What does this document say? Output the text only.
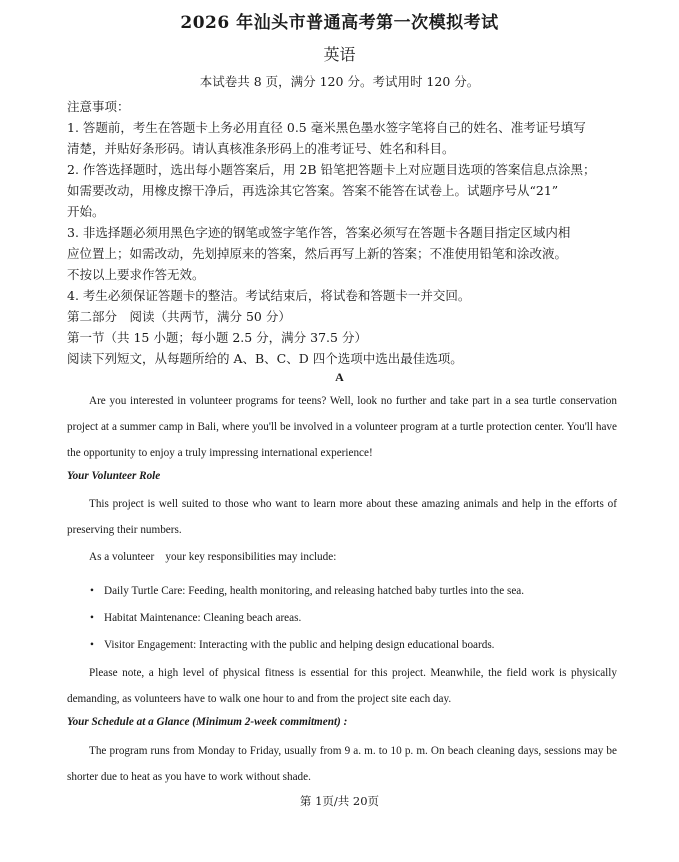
2026 年汕头市普通高考第一次模拟考试
英语
本试卷共 8 页，满分 120 分。考试用时 120 分。
注意事项：
1. 答题前，考生在答题卡上务必用直径 0.5 毫米黑色墨水签字笔将自己的姓名、准考证号填写
清楚，并贴好条形码。请认真核准条形码上的准考证号、姓名和科目。
2. 作答选择题时，选出每小题答案后，用 2B 铅笔把答题卡上对应题目选项的答案信息点涂黑；
如需要改动，用橡皮擦干净后，再选涂其它答案。答案不能答在试卷上。试题序号从“21”
开始。
3. 非选择题必须用黑色字迹的钢笔或签字笔作答，答案必须写在答题卡各题目指定区域内相
应位置上；如需改动，先划掉原来的答案，然后再写上新的答案；不准使用铅笔和涂改液。
不按以上要求作答无效。
4. 考生必须保证答题卡的整洁。考试结束后，将试卷和答题卡一并交回。
第二部分　阅读（共两节，满分 50 分）
第一节（共 15 小题；每小题 2.5 分，满分 37.5 分）
阅读下列短文，从每题所给的 A、B、C、D 四个选项中选出最佳选项。
A
Are you interested in volunteer programs for teens? Well, look no further and take part in a sea turtle conservation project at a summer camp in Bali, where you'll be involved in a volunteer program at a turtle protection center. You'll have the opportunity to enjoy a truly impressing international experience!
Your Volunteer Role
This project is well suited to those who want to learn more about these amazing animals and help in the efforts of preserving their numbers.
As a volunteer　your key responsibilities may include:
• Daily Turtle Care: Feeding, health monitoring, and releasing hatched baby turtles into the sea.
• Habitat Maintenance: Cleaning beach areas.
• Visitor Engagement: Interacting with the public and helping design educational boards.
Please note, a high level of physical fitness is essential for this project. Meanwhile, the field work is physically demanding, as volunteers have to walk one hour to and from the project site each day.
Your Schedule at a Glance (Minimum 2-week commitment) :
The program runs from Monday to Friday, usually from 9 a. m. to 10 p. m. On beach cleaning days, sessions may be shorter due to heat as you have to work without shade.
第 1页/共 20页
